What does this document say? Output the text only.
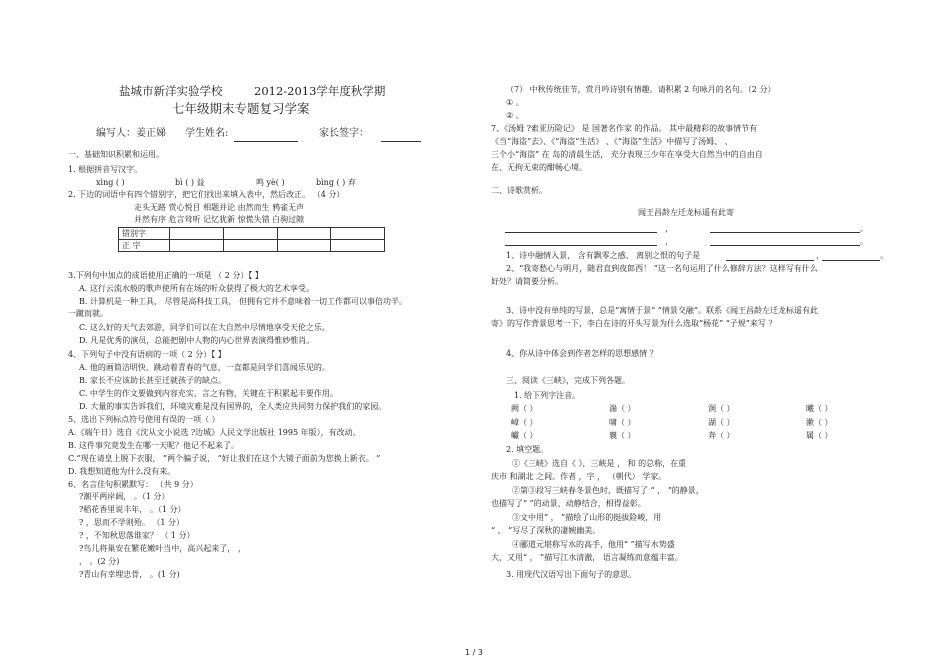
盐城市新洋实验学校	2012-2013学年度秋学期
七年级期末专题复习学案
编写人：姜正娣 学生姓名:	家长签字：
一、基础知识积累和运用。
1. 根据拼音写汉字。
xìng ( )	bì ( ) 益	鸣 yè( )	bìng ( ) 弃
2. 下边的词语中有四个错别字，把它们找出来填入表中，然后改正。 （4 分）
走头无路 赏心悦目 相题并论 由然而生 鸦雀无声
并然有序 危言耸听 记忆犹新 惊慌失错 白驹过隙
错别字				
正 字				
3.下列句中加点的成语使用正确的一项是 （ 2 分）【 】
A. 这行云流水般的歌声使所有在场的听众获得了极大的艺术享受。
B. 计算机是一种工具， 尽管是高科技工具， 但拥有它并不意味着一切工作都可以事倍功半。
一蹴而就。
C. 这么好的天气去郊游，同学们可以在大自然中尽情地享受天伦之乐。
D. 凡是优秀的演员，总能把剧中人物的内心世界表演得惟妙惟肖。
4、下列句子中没有语病的一项（ 2 分）【 】
A. 他的画简洁明快，跳动着青春的气息，一直都是同学们喜闻乐见的。
B. 家长不应该助长甚至迁就孩子的缺点。
C. 中学生的作文要做到内容充实，言之有物，关键在于积累起丰要作用。
D. 大量的事实告诉我们，环境灾难是没有国界的，全人类应共同努力保护我们的家园。
5、选出下列标点符号使用有误的一项（ ）
A.《端午日》选自《沈从文小说选 ?边城》人民文学出版社 1995 年版），有改动。
B. 这件事究竟发生在哪一天呢？他记不起来了。
C.“现在请皇上脱下衣服， ”两个骗子说， “好让我们在这个大镜子面前为您换上新衣。 ”
D. 我想知道他为什么没有来。
6、名言佳句积累默写： （共 9 分）
?潮平两岸阔， 。（1 分）
?稻花香里说丰年， 。（1 分）
? ，思而不学则殆。 （1 分）
? ，不知秋思落谁家？ （ 1 分）
?鸟儿将巢安在繁花嫩叶当中，高兴起来了， ，
， 。(2 分)
?青山有幸埋忠骨， 。(1 分)
（7） 中秋传统佳节，赏月吟诗别有情趣。请积累 2 句咏月的名句。（2 分）
① 。
② 。
7、《汤姆 ?索亚历险记》 是 国著名作家 的作品。 其中最精彩的故事情节有
《当“海盗”去》、《“海盗”生活》 、《“海盗”生活》中描写了汤姆、 、
三个小“海盗” 在 岛的清晨生活， 充分表现三少年在享受大自然当中的自由自
在、无拘无束的酣畅心境。
二、诗歌赏析。
闻王昌龄左迁龙标遥有此寄
，	。
，	。
1、诗中融情入景， 含有飘零之感、 离别之恨的句子是	，	。
2、“我寄愁心与明月，随君直到夜郎西！ ”这一名句运用了什么修辞方法？这样写有什么
好处？请简要分析。
3、诗中没有单纯的写景，总是“寓情于景” “情景交融”。联系《闻王昌龄左迁龙标遥有此
寄》的写作背景思考一下，李白在诗的开头写景为什么选取“杨花” “子规”来写 ？
4、你从诗中体会到作者怎样的思想感情 ？
三、阅读《三峡》，完成下列各题。
1. 给下列字注音。
阙（ ）	湍（ ）	涧（ ）	曦（ ）
嶂（ ）	啸（ ）	湖（ ）	漱（ ）
巘（ ）	襄（ ）	奔（ ）	属（ ）
2. 填空题。
①《三峡》选自《 》，三峡是 ， 和 的总称，在重
庆市 和湖北 之间。作者 ，字 ， （朝代） 学家。
②第③段写三峡春冬景色时，既描写了 “ ， ”的静景，
也描写了“ ”的动景，动静结合，相得益彰。
③文中用“ ， ”描绘了山形的挺拔险峻，用
“ ， ”写尽了深秋的凄婉幽美。
④郦道元堪称写水的高手，他用“ ”描写水势盛
大，又用“ ， ”描写江水清澈， 语言凝练而意蕴丰富。
3. 用现代汉语写出下面句子的意思。
1 / 3
